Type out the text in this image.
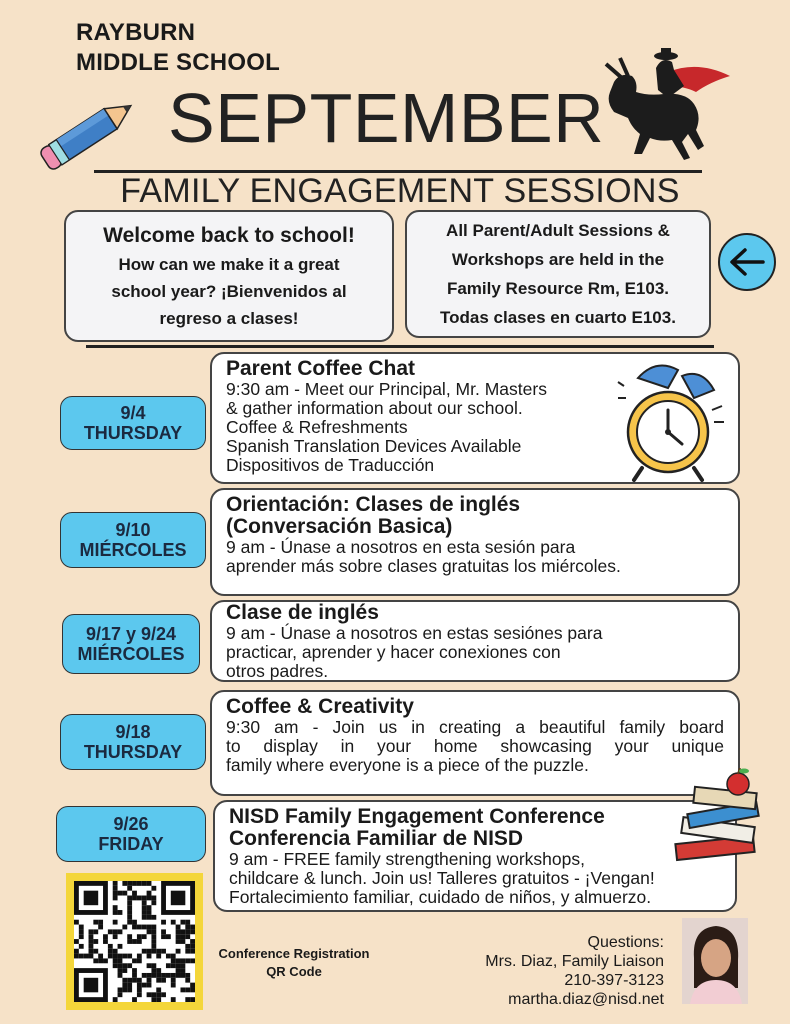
RAYBURN
MIDDLE SCHOOL
SEPTEMBER
FAMILY ENGAGEMENT SESSIONS
Welcome back to school!
How can we make it a great
school year? ¡Bienvenidos al
regreso a clases!
All Parent/Adult Sessions &
Workshops are held in the
Family Resource Rm, E103.
Todas clases en cuarto E103.
9/4
THURSDAY
Parent Coffee Chat
9:30 am - Meet our Principal, Mr. Masters
& gather information about our school.
Coffee & Refreshments
Spanish Translation Devices Available
Dispositivos de Traducción
9/10
MIÉRCOLES
Orientación: Clases de inglés
(Conversación Basica)
9 am - Únase a nosotros en esta sesión para
aprender más sobre clases gratuitas los miércoles.
9/17 y 9/24
MIÉRCOLES
Clase de inglés
9 am - Únase a nosotros en estas sesiónes para
practicar, aprender y hacer conexiones con
otros padres.
9/18
THURSDAY
Coffee & Creativity
9:30 am - Join us in creating a beautiful family board
to display in your home showcasing your unique
family where everyone is a piece of the puzzle.
9/26
FRIDAY
NISD Family Engagement Conference
Conferencia Familiar de NISD
9 am - FREE family strengthening workshops,
childcare & lunch. Join us! Talleres gratuitos - ¡Vengan!
Fortalecimiento familiar, cuidado de niños, y almuerzo.
Conference Registration
QR Code
Questions:
Mrs. Diaz, Family Liaison
210-397-3123
martha.diaz@nisd.net
